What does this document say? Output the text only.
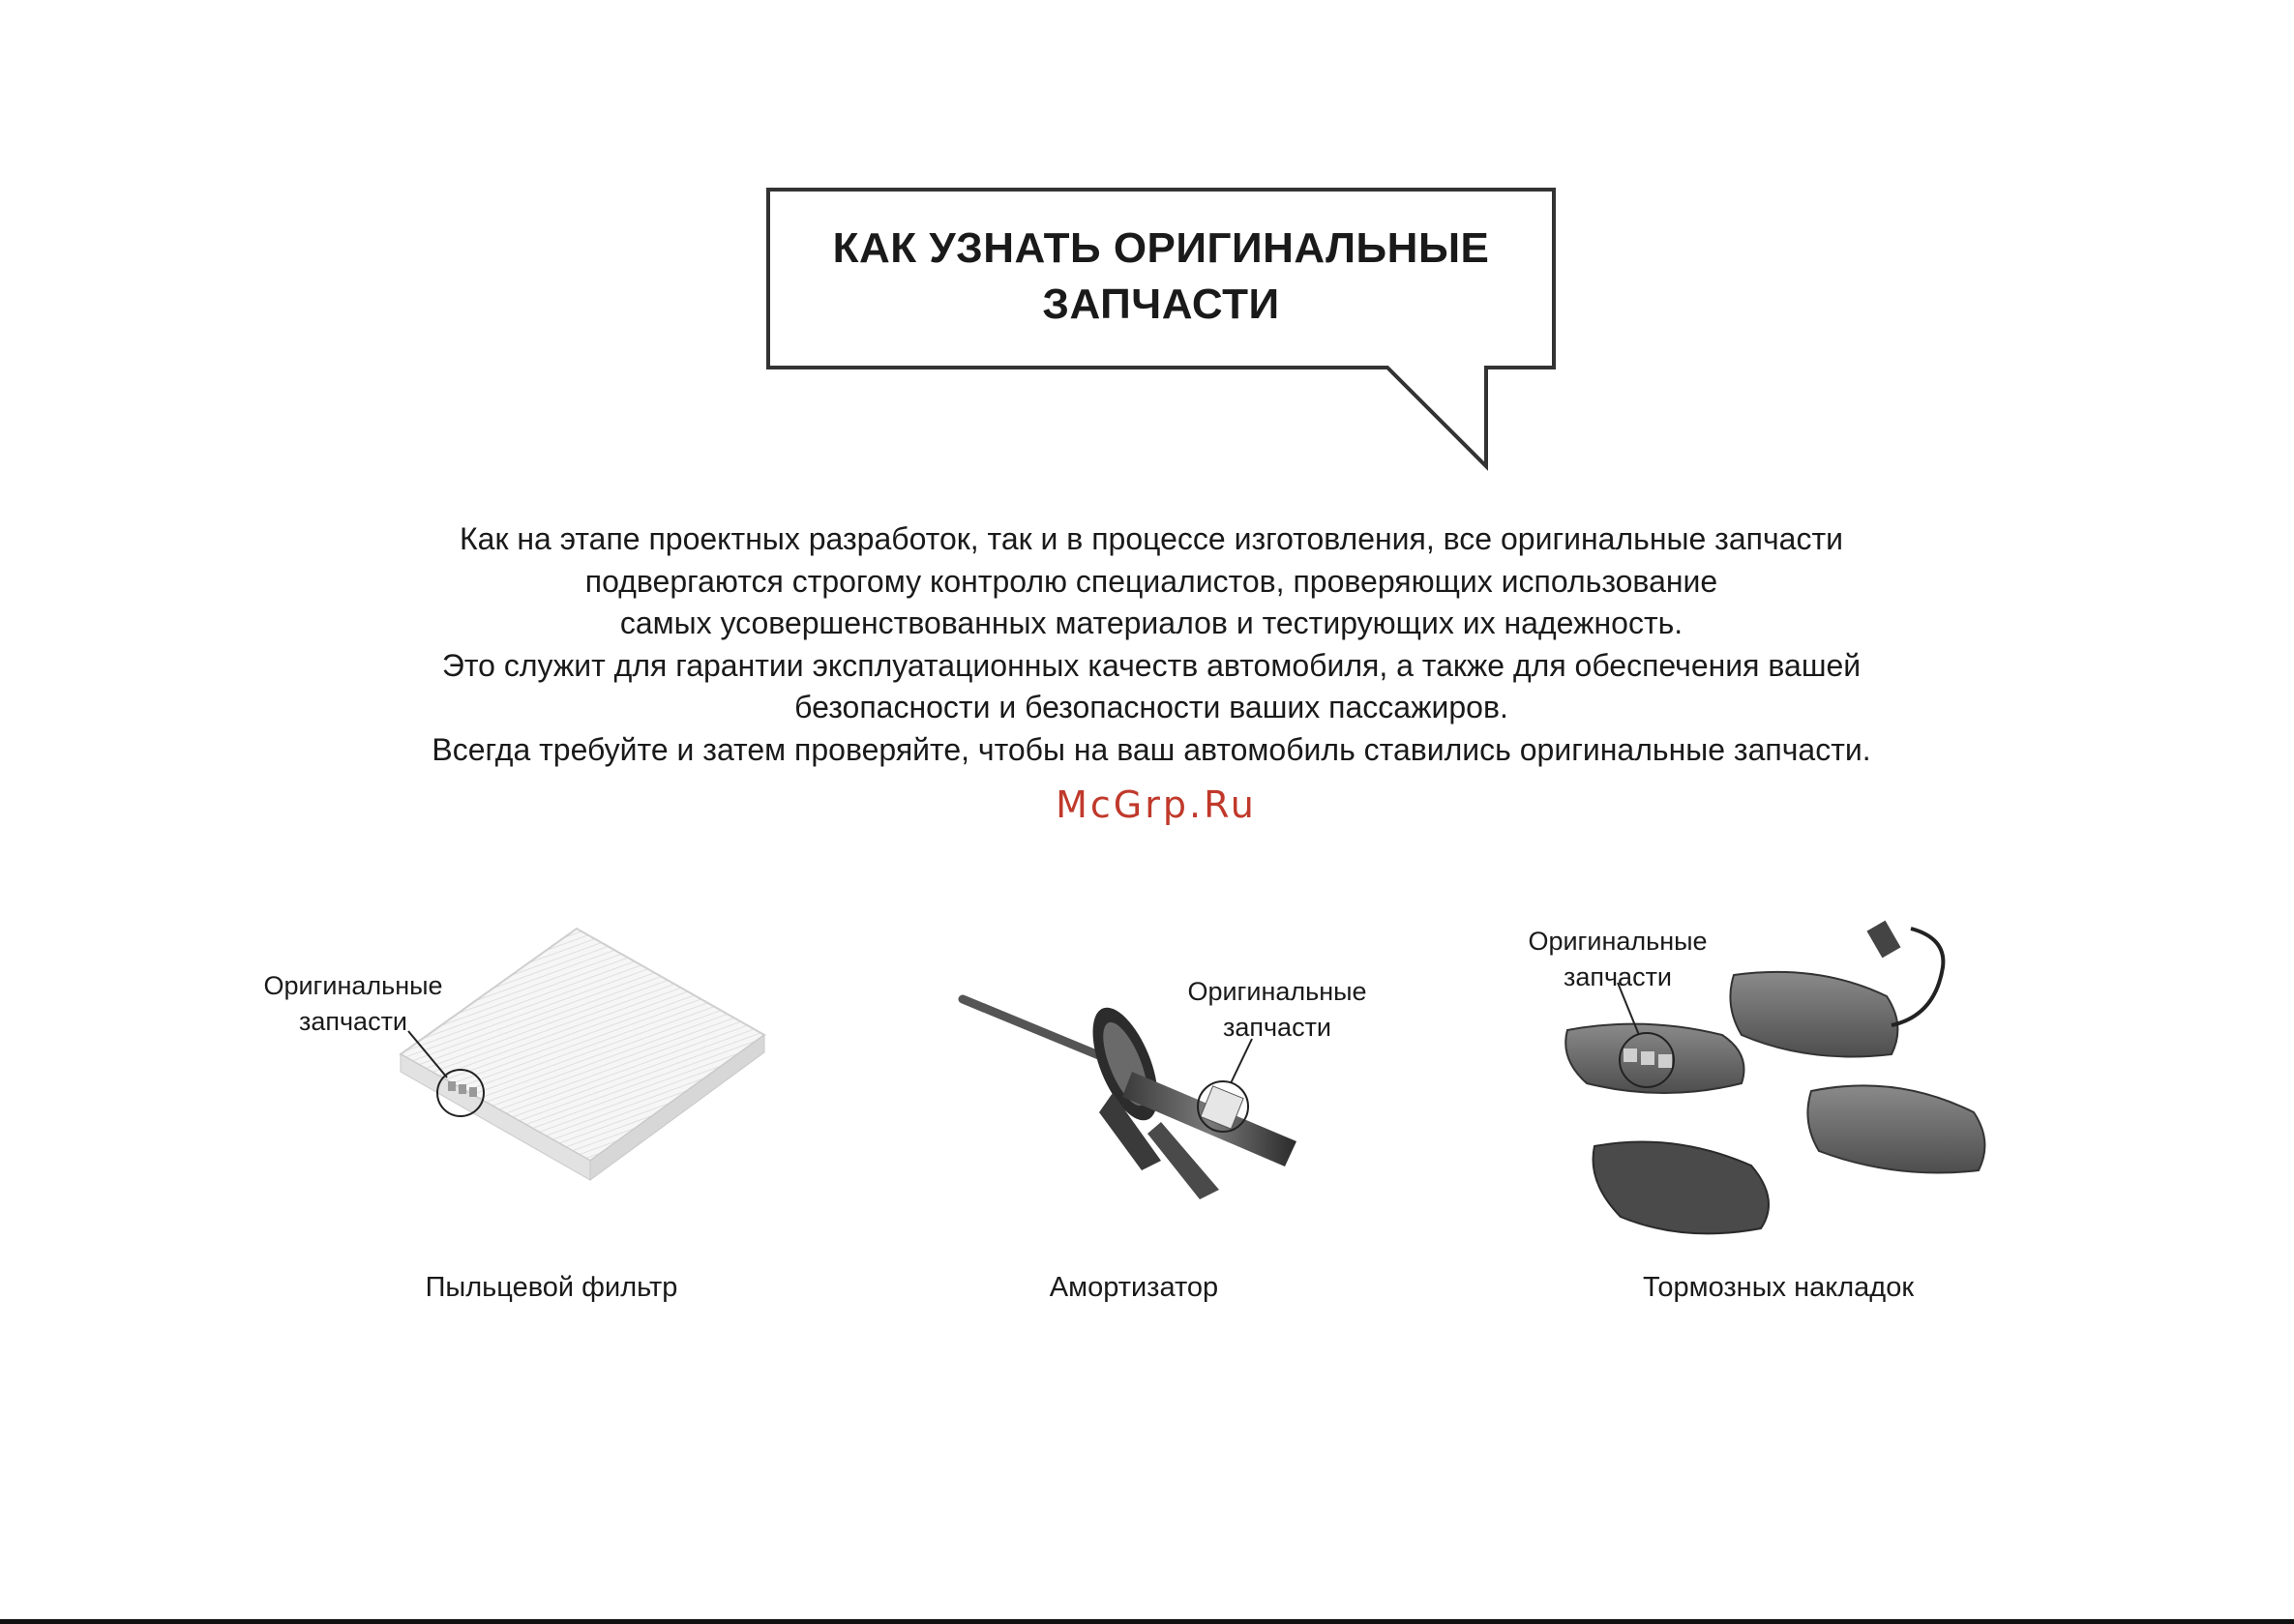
КАК УЗНАТЬ ОРИГИНАЛЬНЫЕ
ЗАПЧАСТИ
Как на этапе проектных разработок, так и в процессе изготовления, все оригинальные запчасти
подвергаются строгому контролю специалистов, проверяющих использование
самых усовершенствованных материалов и тестирующих их надежность.
Это служит для гарантии эксплуатационных качеств автомобиля, а также для обеспечения вашей
безопасности и безопасности ваших пассажиров.
Всегда требуйте и затем проверяйте, чтобы на ваш автомобиль ставились оригинальные запчасти.
McGrp.Ru
Оригинальные
запчасти
Оригинальные
запчасти
Оригинальные
запчасти
Пыльцевой фильтр	Амортизатор	Тормозных накладок
